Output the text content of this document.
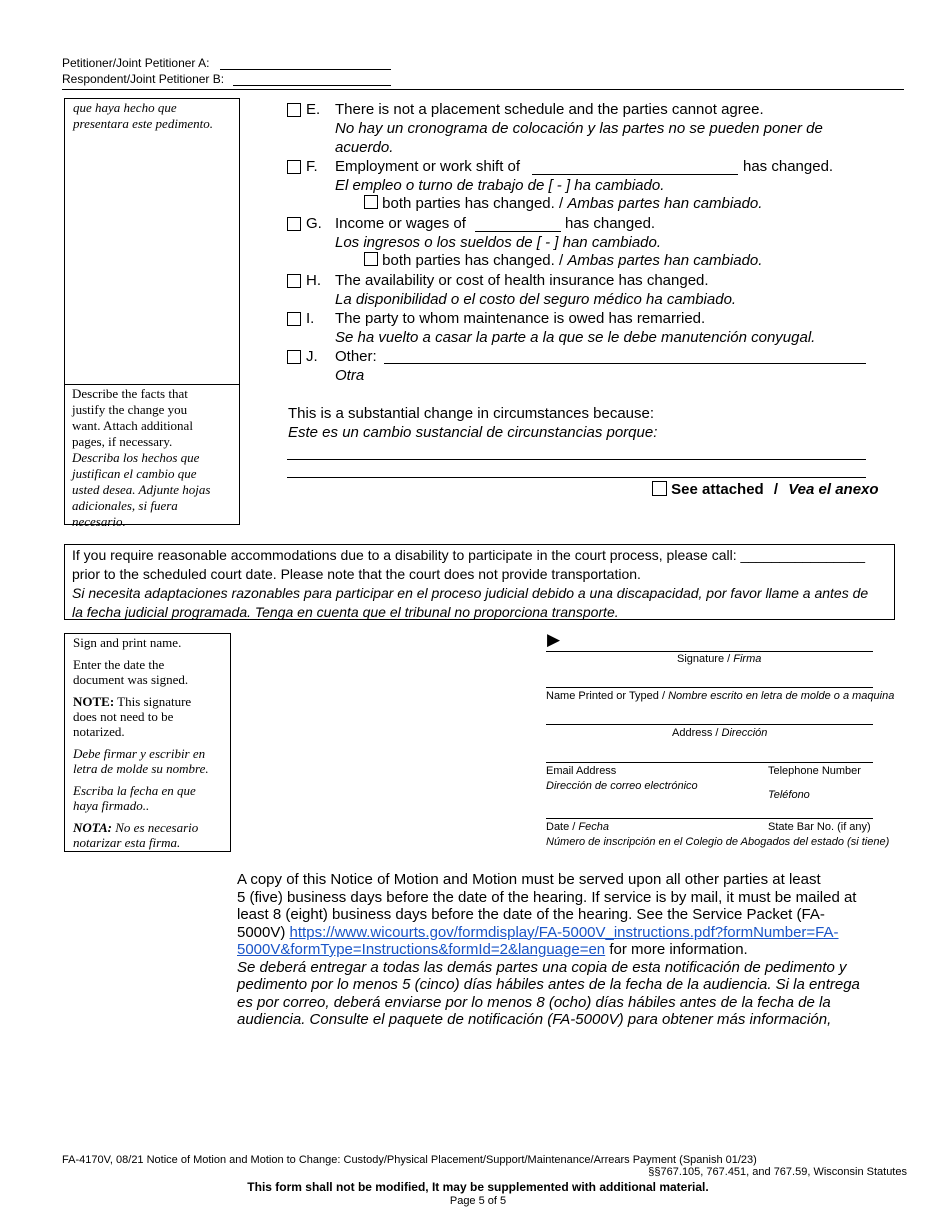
Petitioner/Joint Petitioner A:
Respondent/Joint Petitioner B:

que haya hecho que

presentara este pedimento.

Describe the facts that

justify the change you

want. Attach additional

pages, if necessary.

Describa los hechos que

justifican el cambio que

usted desea. Adjunte hojas

adicionales, si fuera

necesario.

E. There is not a placement schedule and the parties cannot agree.
No hay un cronograma de colocación y las partes no se pueden poner de
acuerdo.
F. Employment or work shift of	has changed.
El empleo o turno de trabajo de [ - ] ha cambiado.
both parties has changed. / Ambas partes han cambiado.
G. Income or wages of	has changed.
Los ingresos o los sueldos de [ - ] han cambiado.
both parties has changed. / Ambas partes han cambiado.
H. The availability or cost of health insurance has changed.
La disponibilidad o el costo del seguro médico ha cambiado.
I. The party to whom maintenance is owed has remarried.
Se ha vuelto a casar la parte a la que se le debe manutención conyugal.
J. Other:
Otra
This is a substantial change in circumstances because:
Este es un cambio sustancial de circunstancias porque:
See attached / Vea el anexo
If you require reasonable accommodations due to a disability to participate in the court process, please call: ________________
prior to the scheduled court date. Please note that the court does not provide transportation.
Si necesita adaptaciones razonables para participar en el proceso judicial debido a una discapacidad, por favor llame a antes de
la fecha judicial programada. Tenga en cuenta que el tribunal no proporciona transporte.

Sign and print name.

Enter the date the

document was signed.

NOTE: This signature

does not need to be

notarized.

Debe firmar y escribir en

letra de molde su nombre.

Escriba la fecha en que

haya firmado..

NOTA: No es necesario

notarizar esta firma.

▶
Signature / Firma
Name Printed or Typed / Nombre escrito en letra de molde o a maquina
Address / Dirección
Email Address
Dirección de correo electrónico
Telephone Number
Teléfono
Date / Fecha	State Bar No. (if any)
Número de inscripción en el Colegio de Abogados del estado (si tiene)
A copy of this Notice of Motion and Motion must be served upon all other parties at least
5 (five) business days before the date of the hearing. If service is by mail, it must be mailed at
least 8 (eight) business days before the date of the hearing. See the Service Packet (FA-
5000V) https://www.wicourts.gov/formdisplay/FA-5000V_instructions.pdf?formNumber=FA-
5000V&formType=Instructions&formId=2&language=en for more information.
Se deberá entregar a todas las demás partes una copia de esta notificación de pedimento y
pedimento por lo menos 5 (cinco) días hábiles antes de la fecha de la audiencia. Si la entrega
es por correo, deberá enviarse por lo menos 8 (ocho) días hábiles antes de la fecha de la
audiencia. Consulte el paquete de notificación (FA-5000V) para obtener más información,
FA-4170V, 08/21 Notice of Motion and Motion to Change: Custody/Physical Placement/Support/Maintenance/Arrears Payment (Spanish 01/23)
§§767.105, 767.451, and 767.59, Wisconsin Statutes
This form shall not be modified, It may be supplemented with additional material.
Page 5 of 5
